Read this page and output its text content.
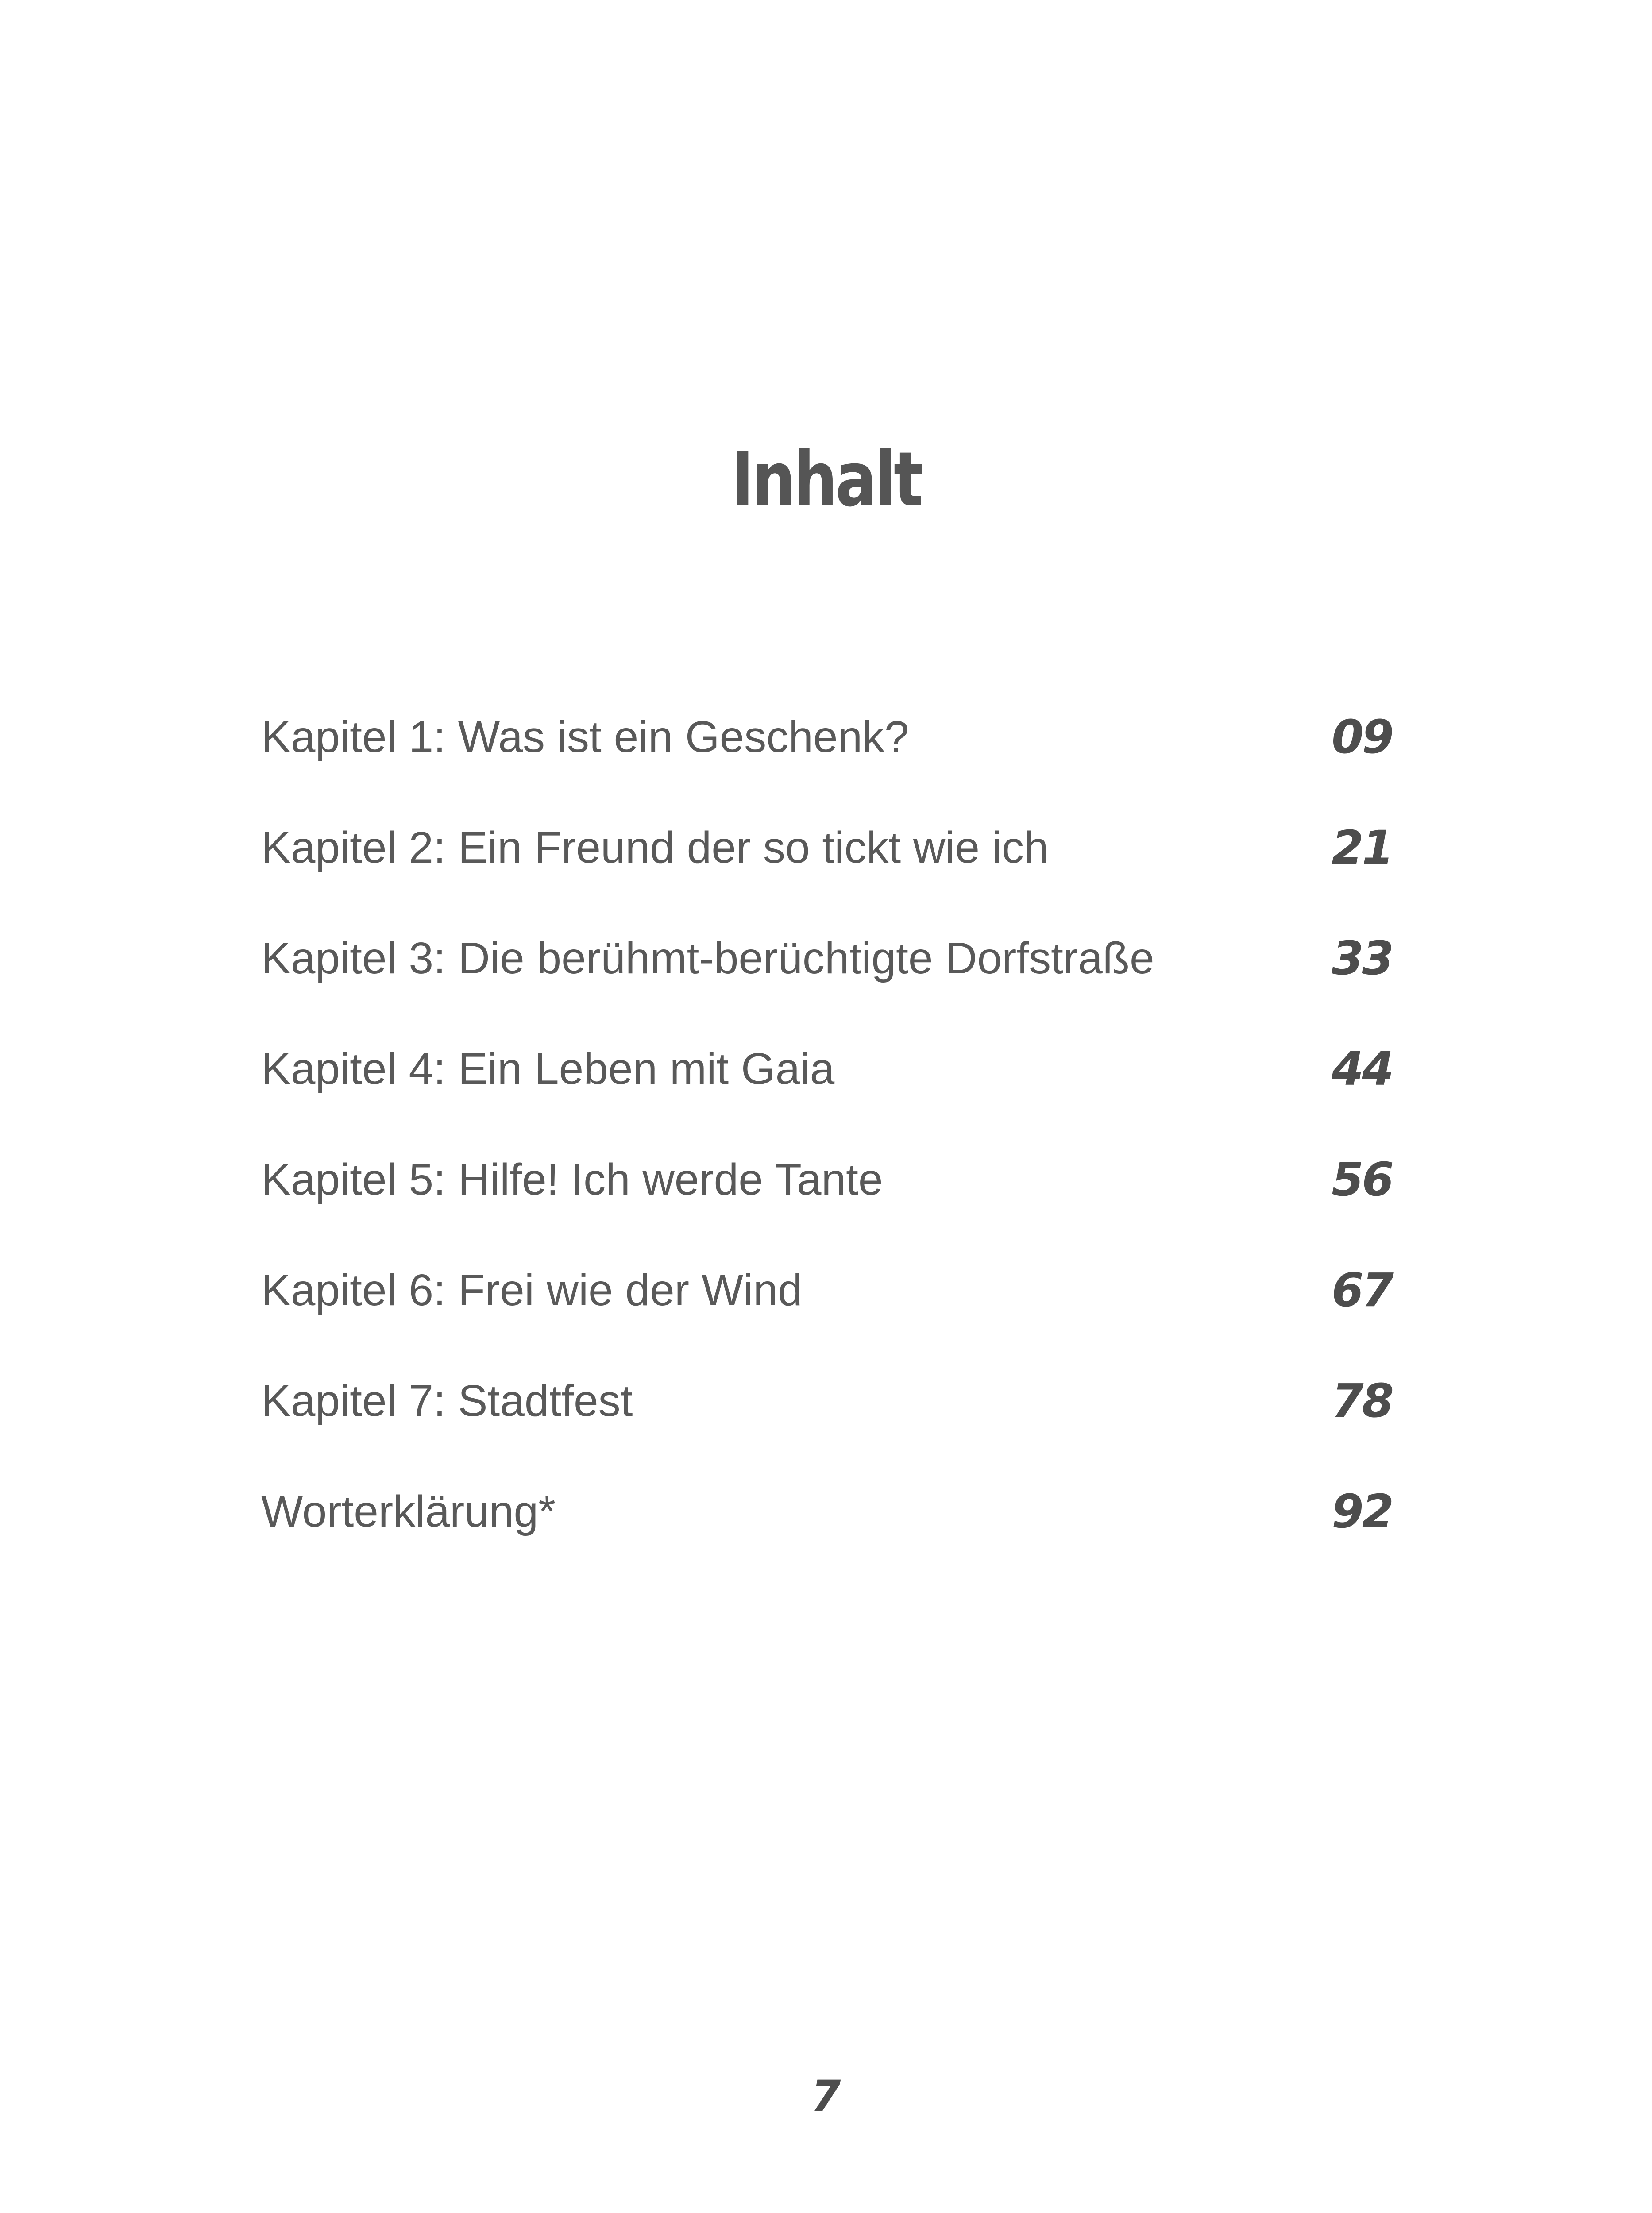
Inhalt
Kapitel 1: Was ist ein Geschenk?	09
Kapitel 2: Ein Freund der so tickt wie ich	21
Kapitel 3: Die berühmt-berüchtigte Dorfstraße	33
Kapitel 4: Ein Leben mit Gaia	44
Kapitel 5: Hilfe! Ich werde Tante	56
Kapitel 6: Frei wie der Wind	67
Kapitel 7: Stadtfest	78
Worterklärung*	92
7
